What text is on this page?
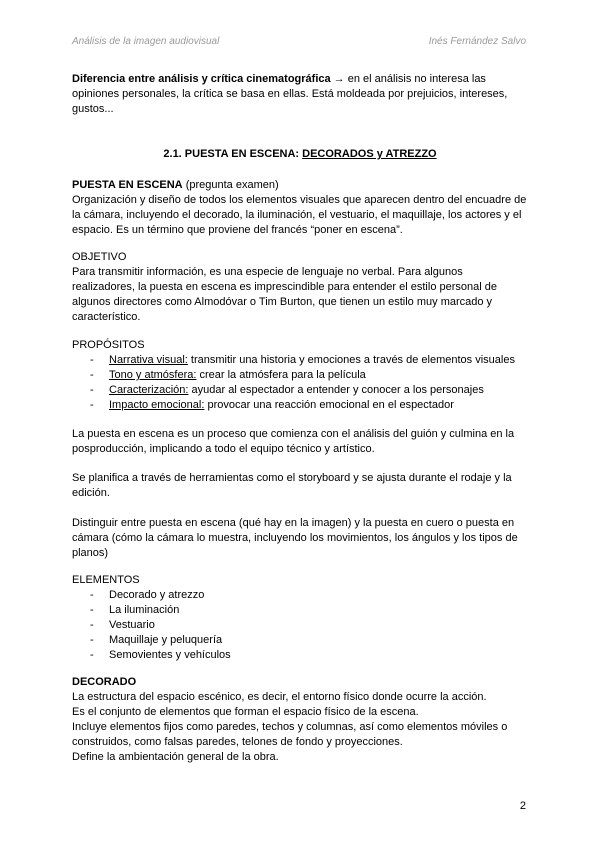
Análisis de la imagen audiovisual	Inés Fernández Salvo
Diferencia entre análisis y crítica cinematográfica → en el análisis no interesa las opiniones personales, la crítica se basa en ellas. Está moldeada por prejuicios, intereses, gustos...
2.1. PUESTA EN ESCENA: DECORADOS y ATREZZO
PUESTA EN ESCENA (pregunta examen)
Organización y diseño de todos los elementos visuales que aparecen dentro del encuadre de la cámara, incluyendo el decorado, la iluminación, el vestuario, el maquillaje, los actores y el espacio. Es un término que proviene del francés “poner en escena”.
OBJETIVO
Para transmitir información, es una especie de lenguaje no verbal. Para algunos realizadores, la puesta en escena es imprescindible para entender el estilo personal de algunos directores como Almodóvar o Tim Burton, que tienen un estilo muy marcado y característico.
PROPÓSITOS
- Narrativa visual: transmitir una historia y emociones a través de elementos visuales
- Tono y atmósfera: crear la atmósfera para la película
- Caracterización: ayudar al espectador a entender y conocer a los personajes
- Impacto emocional: provocar una reacción emocional en el espectador
La puesta en escena es un proceso que comienza con el análisis del guión y culmina en la posproducción, implicando a todo el equipo técnico y artístico.
Se planifica a través de herramientas como el storyboard y se ajusta durante el rodaje y la edición.
Distinguir entre puesta en escena (qué hay en la imagen) y la puesta en cuero o puesta en cámara (cómo la cámara lo muestra, incluyendo los movimientos, los ángulos y los tipos de planos)
ELEMENTOS
- Decorado y atrezzo
- La iluminación
- Vestuario
- Maquillaje y peluquería
- Semovientes y vehículos
DECORADO
La estructura del espacio escénico, es decir, el entorno físico donde ocurre la acción.
Es el conjunto de elementos que forman el espacio físico de la escena.
Incluye elementos fijos como paredes, techos y columnas, así como elementos móviles o construidos, como falsas paredes, telones de fondo y proyecciones.
Define la ambientación general de la obra.
2
